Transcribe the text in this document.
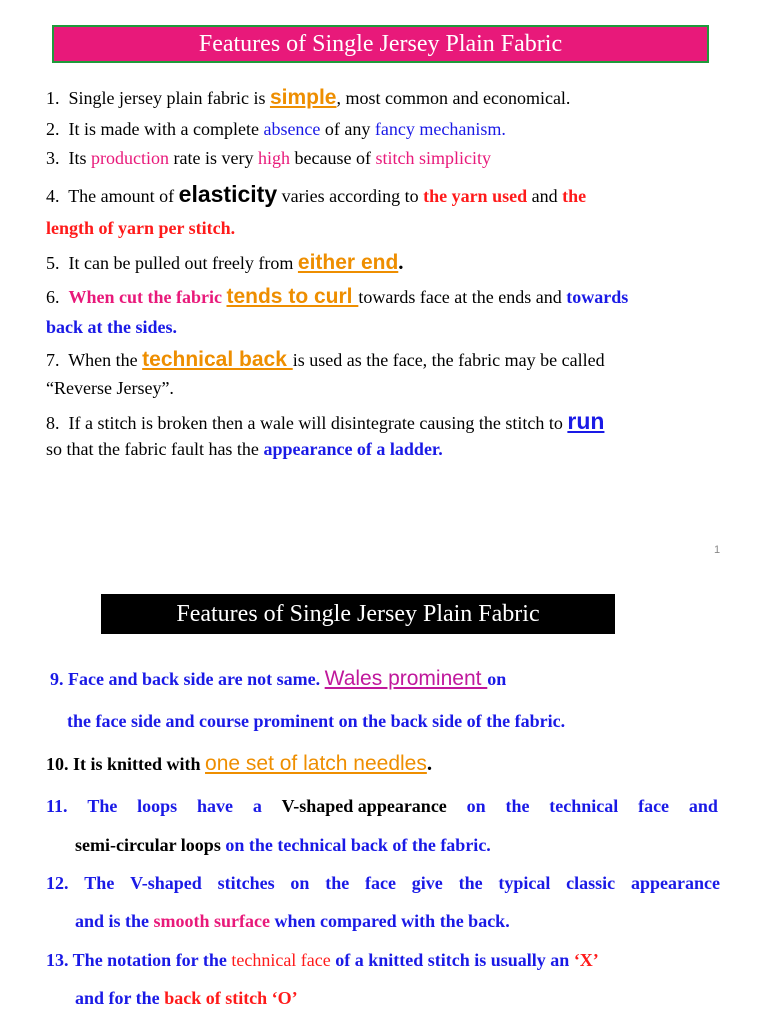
Features of Single Jersey Plain Fabric
1. Single jersey plain fabric is simple, most common and economical.
2. It is made with a complete absence of any fancy mechanism.
3. Its production rate is very high because of stitch simplicity
4. The amount of elasticity varies according to the yarn used and the
length of yarn per stitch.
5. It can be pulled out freely from either end.
6. When cut the fabric tends to curl towards face at the ends and towards
back at the sides.
7. When the technical back is used as the face, the fabric may be called
“Reverse Jersey”.
8. If a stitch is broken then a wale will disintegrate causing the stitch to run
so that the fabric fault has the appearance of a ladder.
1
Features of Single Jersey Plain Fabric
9. Face and back side are not same. Wales prominent on
the face side and course prominent on the back side of the fabric.
10. It is knitted with one set of latch needles.
11. The loops have a V-shaped appearance on the technical face and
semi-circular loops on the technical back of the fabric.
12. The V-shaped stitches on the face give the typical classic appearance
and is the smooth surface when compared with the back.
13. The notation for the technical face of a knitted stitch is usually an ‘X’
and for the back of stitch ‘O’
